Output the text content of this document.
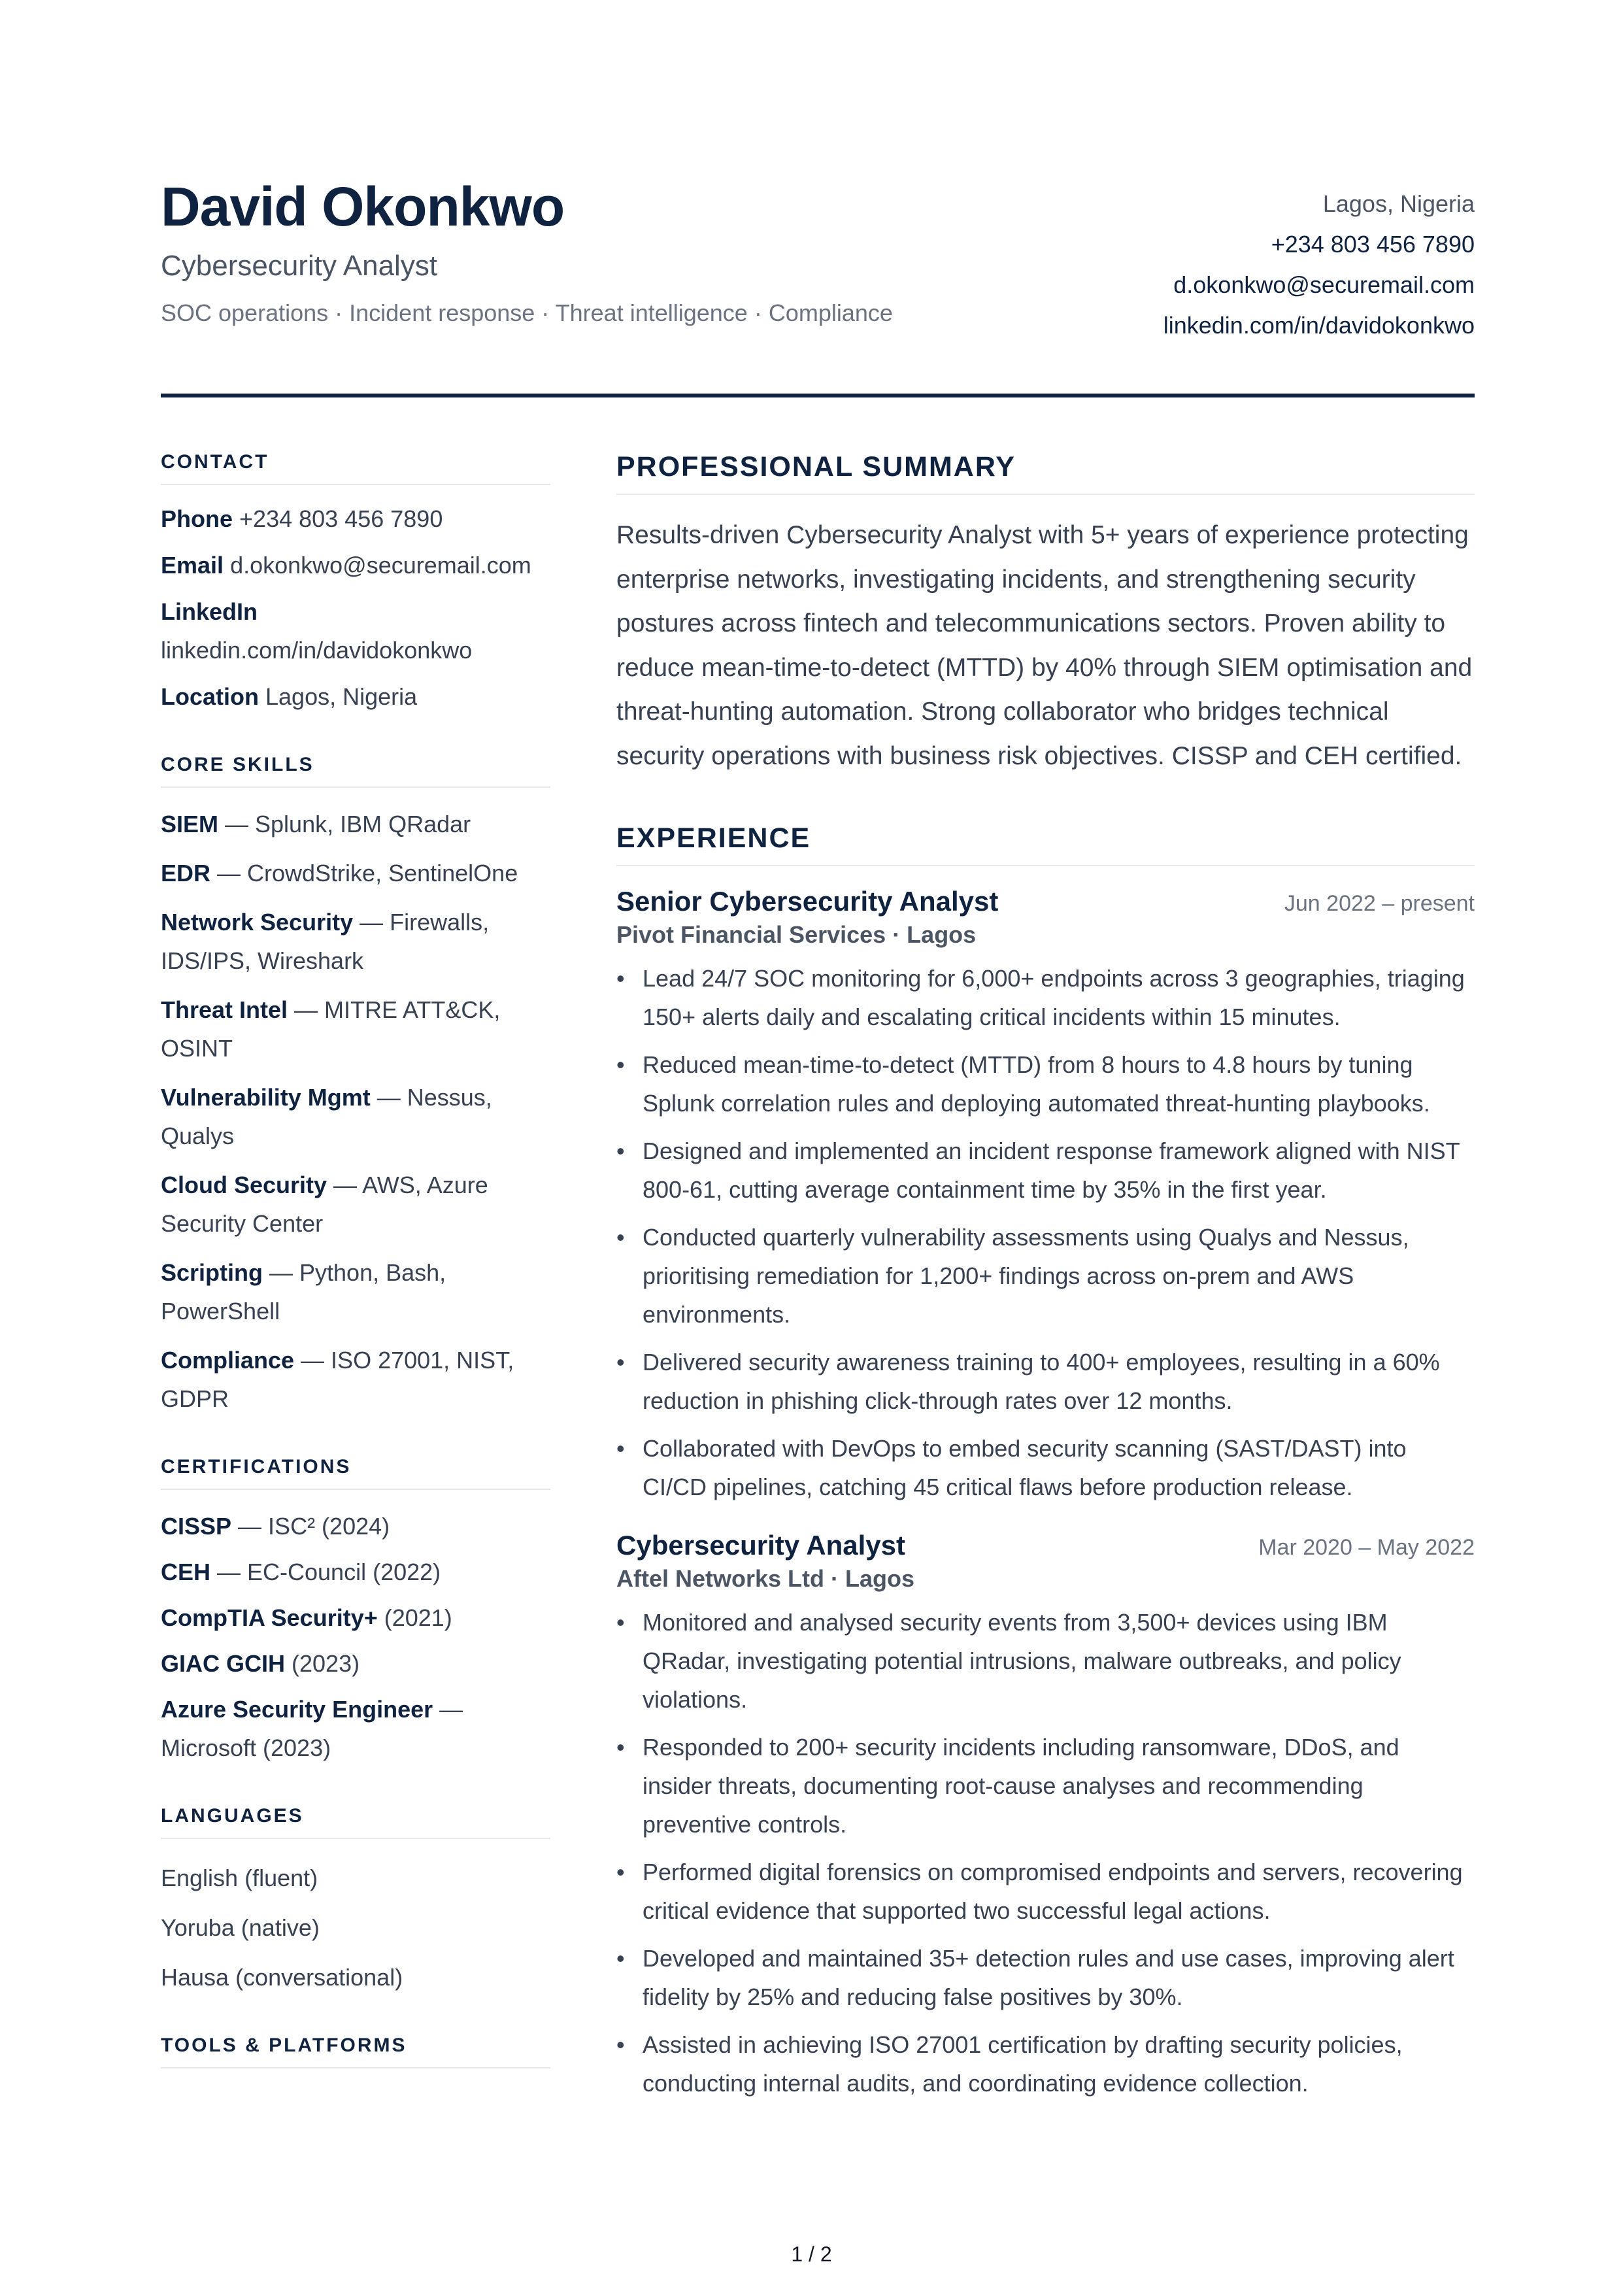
David Okonkwo
Cybersecurity Analyst
SOC operations · Incident response · Threat intelligence · Compliance
Lagos, Nigeria
+234 803 456 7890
d.okonkwo@securemail.com
linkedin.com/in/davidokonkwo
CONTACT
Phone +234 803 456 7890
Email d.okonkwo@securemail.com
LinkedIn
linkedin.com/in/davidokonkwo
Location Lagos, Nigeria
CORE SKILLS
SIEM — Splunk, IBM QRadar
EDR — CrowdStrike, SentinelOne
Network Security — Firewalls, IDS/IPS, Wireshark
Threat Intel — MITRE ATT&CK, OSINT
Vulnerability Mgmt — Nessus, Qualys
Cloud Security — AWS, Azure Security Center
Scripting — Python, Bash, PowerShell
Compliance — ISO 27001, NIST, GDPR
CERTIFICATIONS
CISSP — ISC² (2024)
CEH — EC-Council (2022)
CompTIA Security+ (2021)
GIAC GCIH (2023)
Azure Security Engineer — Microsoft (2023)
LANGUAGES
English (fluent)
Yoruba (native)
Hausa (conversational)
TOOLS & PLATFORMS
PROFESSIONAL SUMMARY

Results-driven Cybersecurity Analyst with 5+ years of experience protecting enterprise networks, investigating incidents, and strengthening security postures across fintech and telecommunications sectors. Proven ability to reduce mean-time-to-detect (MTTD) by 40% through SIEM optimisation and threat-hunting automation. Strong collaborator who bridges technical security operations with business risk objectives. CISSP and CEH certified.

EXPERIENCE
Senior Cybersecurity Analyst	Jun 2022 – present
Pivot Financial Services · Lagos
• Lead 24/7 SOC monitoring for 6,000+ endpoints across 3 geographies, triaging 150+ alerts daily and escalating critical incidents within 15 minutes.
• Reduced mean-time-to-detect (MTTD) from 8 hours to 4.8 hours by tuning Splunk correlation rules and deploying automated threat-hunting playbooks.
• Designed and implemented an incident response framework aligned with NIST 800-61, cutting average containment time by 35% in the first year.
• Conducted quarterly vulnerability assessments using Qualys and Nessus, prioritising remediation for 1,200+ findings across on-prem and AWS environments.
• Delivered security awareness training to 400+ employees, resulting in a 60% reduction in phishing click-through rates over 12 months.
• Collaborated with DevOps to embed security scanning (SAST/DAST) into CI/CD pipelines, catching 45 critical flaws before production release.
Cybersecurity Analyst	Mar 2020 – May 2022
Aftel Networks Ltd · Lagos
• Monitored and analysed security events from 3,500+ devices using IBM QRadar, investigating potential intrusions, malware outbreaks, and policy violations.
• Responded to 200+ security incidents including ransomware, DDoS, and insider threats, documenting root-cause analyses and recommending preventive controls.
• Performed digital forensics on compromised endpoints and servers, recovering critical evidence that supported two successful legal actions.
• Developed and maintained 35+ detection rules and use cases, improving alert fidelity by 25% and reducing false positives by 30%.
• Assisted in achieving ISO 27001 certification by drafting security policies, conducting internal audits, and coordinating evidence collection.
1 / 2
